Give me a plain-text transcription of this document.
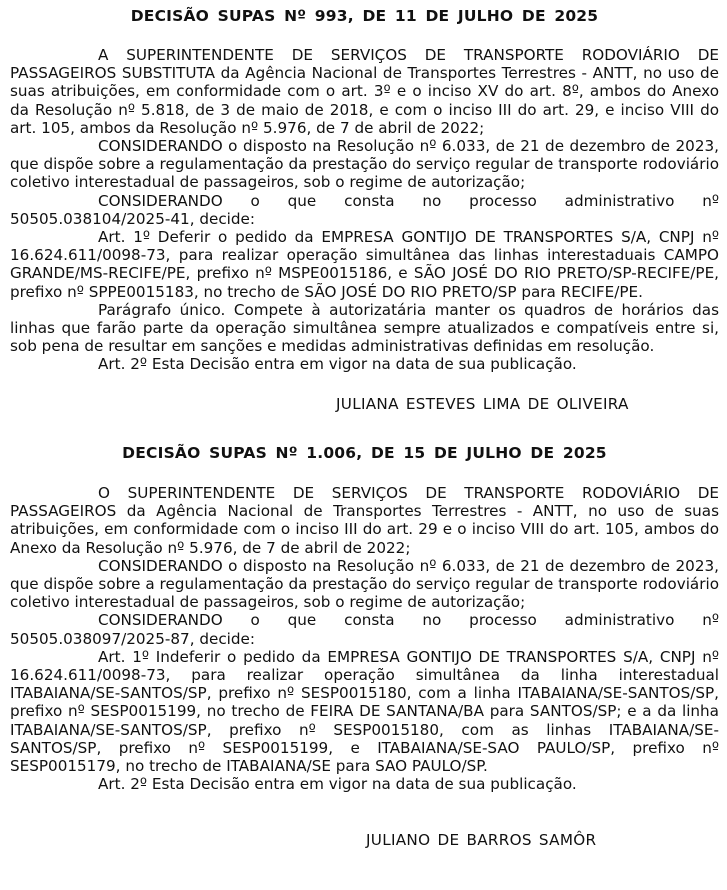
DECISÃO SUPAS Nº 993, DE 11 DE JULHO DE 2025

A SUPERINTENDENTE DE SERVIÇOS DE TRANSPORTE RODOVIÁRIO DE PASSAGEIROS SUBSTITUTA da Agência Nacional de Transportes Terrestres - ANTT, no uso de suas atribuições, em conformidade com o art. 3º e o inciso XV do art. 8º, ambos do Anexo da Resolução nº 5.818, de 3 de maio de 2018, e com o inciso III do art. 29, e inciso VIII do art. 105, ambos da Resolução nº 5.976, de 7 de abril de 2022;

CONSIDERANDO o disposto na Resolução nº 6.033, de 21 de dezembro de 2023, que dispõe sobre a regulamentação da prestação do serviço regular de transporte rodoviário coletivo interestadual de passageiros, sob o regime de autorização;

CONSIDERANDO o que consta no processo administrativo nº 50505.038104/2025-41, decide:

Art. 1º Deferir o pedido da EMPRESA GONTIJO DE TRANSPORTES S/A, CNPJ nº 16.624.611/0098-73, para realizar operação simultânea das linhas interestaduais CAMPO GRANDE/MS-RECIFE/PE, prefixo nº MSPE0015186, e SÃO JOSÉ DO RIO PRETO/SP-RECIFE/PE, prefixo nº SPPE0015183, no trecho de SÃO JOSÉ DO RIO PRETO/SP para RECIFE/PE.

Parágrafo único. Compete à autorizatária manter os quadros de horários das linhas que farão parte da operação simultânea sempre atualizados e compatíveis entre si, sob pena de resultar em sanções e medidas administrativas definidas em resolução.

Art. 2º Esta Decisão entra em vigor na data de sua publicação.

JULIANA ESTEVES LIMA DE OLIVEIRA
DECISÃO SUPAS Nº 1.006, DE 15 DE JULHO DE 2025

O SUPERINTENDENTE DE SERVIÇOS DE TRANSPORTE RODOVIÁRIO DE PASSAGEIROS da Agência Nacional de Transportes Terrestres - ANTT, no uso de suas atribuições, em conformidade com o inciso III do art. 29 e o inciso VIII do art. 105, ambos do Anexo da Resolução nº 5.976, de 7 de abril de 2022;

CONSIDERANDO o disposto na Resolução nº 6.033, de 21 de dezembro de 2023, que dispõe sobre a regulamentação da prestação do serviço regular de transporte rodoviário coletivo interestadual de passageiros, sob o regime de autorização;

CONSIDERANDO o que consta no processo administrativo nº 50505.038097/2025-87, decide:

Art. 1º Indeferir o pedido da EMPRESA GONTIJO DE TRANSPORTES S/A, CNPJ nº 16.624.611/0098-73, para realizar operação simultânea da linha interestadual ITABAIANA/SE-SANTOS/SP, prefixo nº SESP0015180, com a linha ITABAIANA/SE-SANTOS/SP, prefixo nº SESP0015199, no trecho de FEIRA DE SANTANA/BA para SANTOS/SP; e a da linha ITABAIANA/SE-SANTOS/SP, prefixo nº SESP0015180, com as linhas ITABAIANA/SE-SANTOS/SP, prefixo nº SESP0015199, e ITABAIANA/SE-SAO PAULO/SP, prefixo nº SESP0015179, no trecho de ITABAIANA/SE para SAO PAULO/SP.

Art. 2º Esta Decisão entra em vigor na data de sua publicação.

JULIANO DE BARROS SAMÔR
